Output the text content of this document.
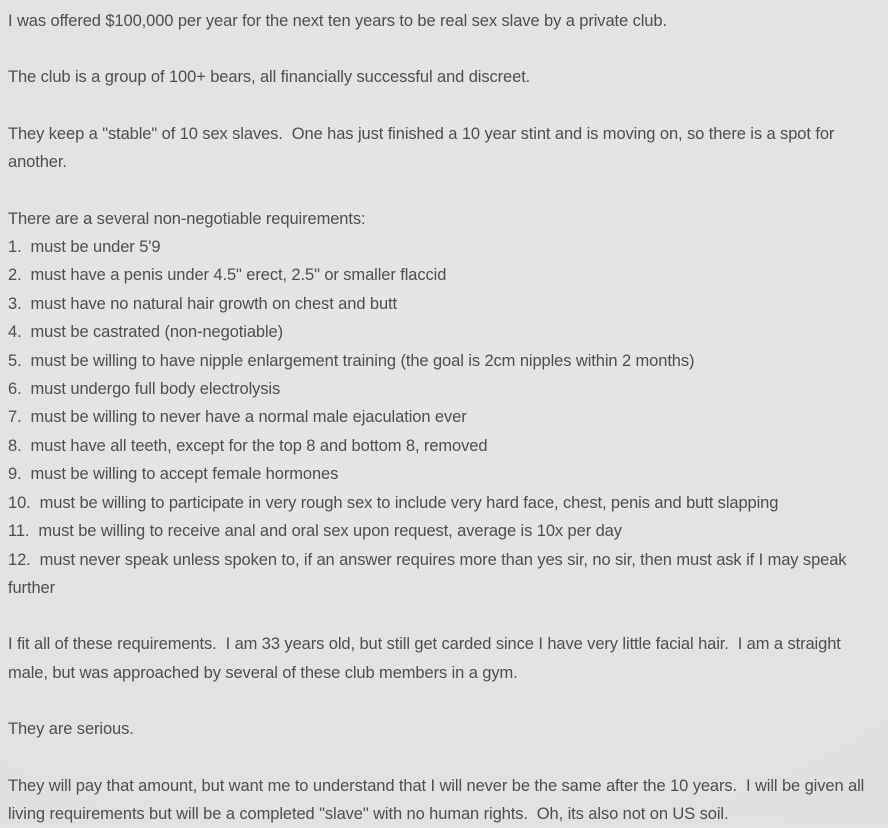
I was offered $100,000 per year for the next ten years to be real sex slave by a private club.
The club is a group of 100+ bears, all financially successful and discreet.
They keep a "stable" of 10 sex slaves.  One has just finished a 10 year stint and is moving on, so there is a spot for another.
There are a several non-negotiable requirements:
1.  must be under 5'9
2.  must have a penis under 4.5" erect, 2.5" or smaller flaccid
3.  must have no natural hair growth on chest and butt
4.  must be castrated (non-negotiable)
5.  must be willing to have nipple enlargement training (the goal is 2cm nipples within 2 months)
6.  must undergo full body electrolysis
7.  must be willing to never have a normal male ejaculation ever
8.  must have all teeth, except for the top 8 and bottom 8, removed
9.  must be willing to accept female hormones
10.  must be willing to participate in very rough sex to include very hard face, chest, penis and butt slapping
11.  must be willing to receive anal and oral sex upon request, average is 10x per day
12.  must never speak unless spoken to, if an answer requires more than yes sir, no sir, then must ask if I may speak further
I fit all of these requirements.  I am 33 years old, but still get carded since I have very little facial hair.  I am a straight male, but was approached by several of these club members in a gym.
They are serious.
They will pay that amount, but want me to understand that I will never be the same after the 10 years.  I will be given all living requirements but will be a completed "slave" with no human rights.  Oh, its also not on US soil.
